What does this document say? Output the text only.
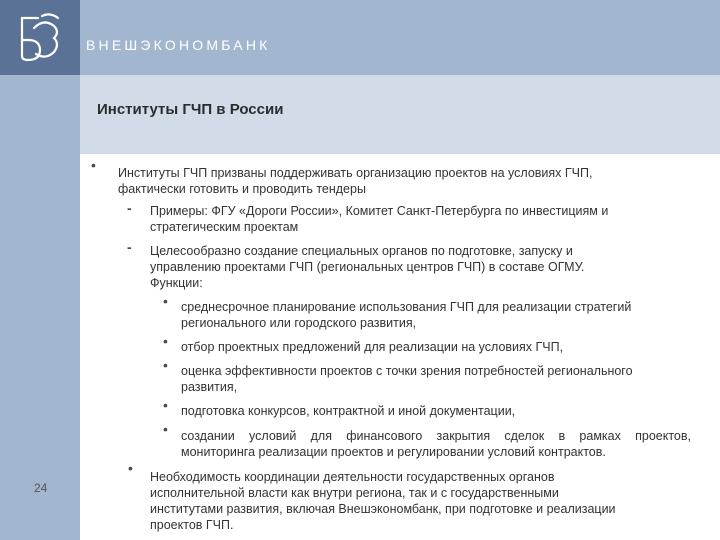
ВНЕШЭКОНОМБАНК
Институты ГЧП в России
• Институты ГЧП призваны поддерживать организацию проектов на условиях ГЧП,
фактически готовить и проводить тендеры
- Примеры: ФГУ «Дороги России», Комитет Санкт-Петербурга по инвестициям и
стратегическим проектам
- Целесообразно создание специальных органов по подготовке, запуску и
управлению проектами ГЧП (региональных центров ГЧП) в составе ОГМУ.
Функции:
• среднесрочное планирование использования ГЧП для реализации стратегий
регионального или городского развития,
• отбор проектных предложений для реализации на условиях ГЧП,
• оценка эффективности проектов с точки зрения потребностей регионального
развития,
• подготовка конкурсов, контрактной и иной документации,
• создании условий для финансового закрытия сделок в рамках проектов,
мониторинга реализации проектов и регулировании условий контрактов.
•
Необходимость координации деятельности государственных органов
исполнительной власти как внутри региона, так и с государственными
институтами развития, включая Внешэкономбанк, при подготовке и реализации
проектов ГЧП.
24
